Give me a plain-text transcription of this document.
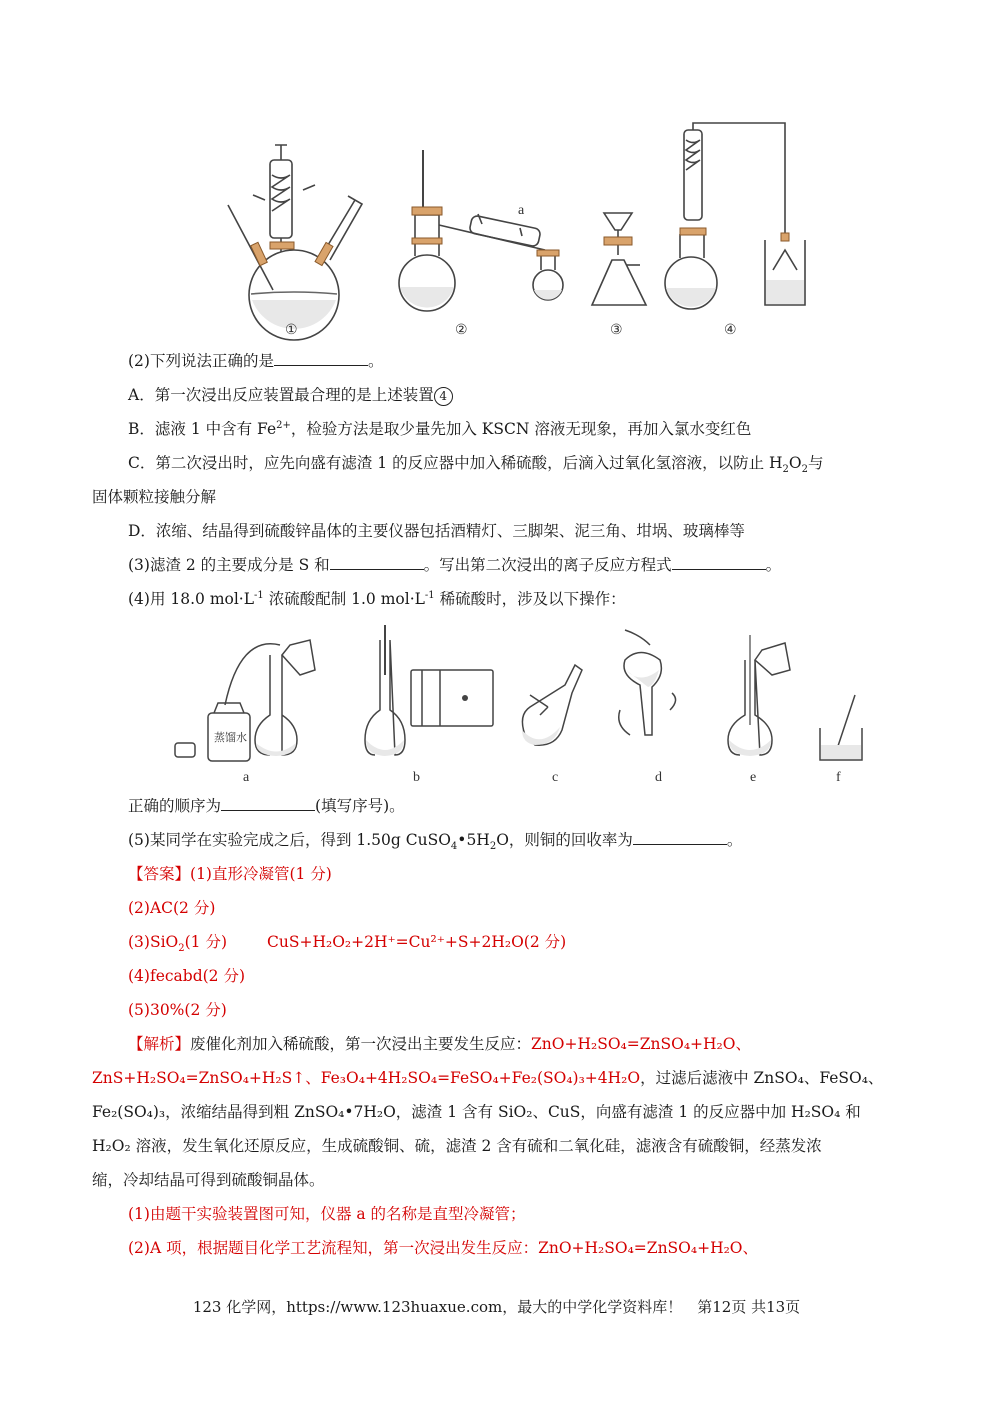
a
①	②	③	④
(2)下列说法正确的是	。
A．第一次浸出反应装置最合理的是上述装置 4
B．滤液 1 中含有 $Fe^{2+}$，检验方法是取少量先加入 KSCN 溶液无现象，再加入氯水变红色
C．第二次浸出时，应先向盛有滤渣 1 的反应器中加入稀硫酸，后滴入过氧化氢溶液，以防止 $H_2O_2$与
固体颗粒接触分解
D．浓缩、结晶得到硫酸锌晶体的主要仪器包括酒精灯、三脚架、泥三角、坩埚、玻璃棒等
(3)滤渣 2 的主要成分是 S 和	。写出第二次浸出的离子反应方程式	。
(4)用 18.0 $mol\cdot L^{-1}$ 浓硫酸配制 1.0 $mol\cdot L^{-1}$ 稀硫酸时，涉及以下操作：
蒸馏水
a	b	c	d	e	f
正确的顺序为	(填写序号)。
(5)某同学在实验完成之后，得到 1.50g $CuSO_4•5H_2O$，则铜的回收率为	。
【答案】(1)直形冷凝管(1 分)
(2)AC(2 分)
(3)SiO$_2$(1 分)	CuS+H₂O₂+2H⁺=Cu²⁺+S+2H₂O(2 分)
(4)fecabd(2 分)
(5)30%(2 分)
【解析】废催化剂加入稀硫酸，第一次浸出主要发生反应：ZnO+H₂SO₄=ZnSO₄+H₂O、
ZnS+H₂SO₄=ZnSO₄+H₂S↑、Fe₃O₄+4H₂SO₄=FeSO₄+Fe₂(SO₄)₃+4H₂O，过滤后滤液中 ZnSO₄、FeSO₄、
Fe₂(SO₄)₃，浓缩结晶得到粗 ZnSO₄•7H₂O，滤渣 1 含有 SiO₂、CuS，向盛有滤渣 1 的反应器中加 H₂SO₄ 和
H₂O₂ 溶液，发生氧化还原反应，生成硫酸铜、硫，滤渣 2 含有硫和二氧化硅，滤液含有硫酸铜，经蒸发浓
缩，冷却结晶可得到硫酸铜晶体。
(1)由题干实验装置图可知，仪器 a 的名称是直型冷凝管；
(2)A 项，根据题目化学工艺流程知，第一次浸出发生反应：ZnO+H₂SO₄=ZnSO₄+H₂O、
123 化学网，https://www.123huaxue.com，最大的中学化学资料库！　第12页 共13页
